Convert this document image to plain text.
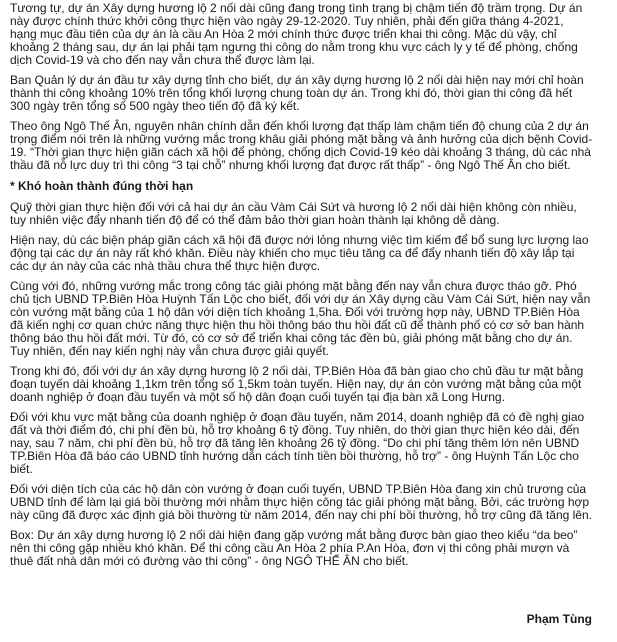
Tương tự, dự án Xây dựng hương lộ 2 nối dài cũng đang trong tình trạng bị chậm tiến độ trầm trọng. Dự án này được chính thức khởi công thực hiện vào ngày 29-12-2020. Tuy nhiên, phải đến giữa tháng 4-2021, hạng mục đầu tiên của dự án là cầu An Hòa 2 mới chính thức được triển khai thi công. Mặc dù vậy, chỉ khoảng 2 tháng sau, dự án lại phải tạm ngưng thi công do nằm trong khu vực cách ly y tế để phòng, chống dịch Covid-19 và cho đến nay vẫn chưa thể được làm lại.

Ban Quản lý dự án đầu tư xây dựng tỉnh cho biết, dự án xây dựng hương lộ 2 nối dài hiện nay mới chỉ hoàn thành thi công khoảng 10% trên tổng khối lượng chung toàn dự án. Trong khi đó, thời gian thi công đã hết 300 ngày trên tổng số 500 ngày theo tiến độ đã ký kết.

Theo ông Ngô Thế Ân, nguyên nhân chính dẫn đến khối lượng đạt thấp làm chậm tiến độ chung của 2 dự án trọng điểm nói trên là những vướng mắc trong khâu giải phóng mặt bằng và ảnh hưởng của dịch bệnh Covid-19. “Thời gian thực hiện giãn cách xã hội để phòng, chống dịch Covid-19 kéo dài khoảng 3 tháng, dù các nhà thầu đã nỗ lực duy trì thi công “3 tại chỗ” nhưng khối lượng đạt được rất thấp” - ông Ngô Thế Ân cho biết.

* Khó hoàn thành đúng thời hạn

Quỹ thời gian thực hiện đối với cả hai dự án cầu Vàm Cái Sứt và hương lộ 2 nối dài hiện không còn nhiều, tuy nhiên việc đẩy nhanh tiến độ để có thể đảm bảo thời gian hoàn thành lại không dễ dàng.

Hiện nay, dù các biện pháp giãn cách xã hội đã được nới lỏng nhưng việc tìm kiếm để bổ sung lực lượng lao động tại các dự án này rất khó khăn. Điều này khiến cho mục tiêu tăng ca để đẩy nhanh tiến độ xây lắp tại các dự án này của các nhà thầu chưa thể thực hiện được.

Cùng với đó, những vướng mắc trong công tác giải phóng mặt bằng đến nay vẫn chưa được tháo gỡ. Phó chủ tịch UBND TP.Biên Hòa Huỳnh Tấn Lộc cho biết, đối với dự án Xây dựng cầu Vàm Cái Sứt, hiện nay vẫn còn vướng mặt bằng của 1 hộ dân với diện tích khoảng 1,5ha. Đối với trường hợp này, UBND TP.Biên Hòa đã kiến nghị cơ quan chức năng thực hiện thu hồi thông báo thu hồi đất cũ để thành phố có cơ sở ban hành thông báo thu hồi đất mới. Từ đó, có cơ sở để triển khai công tác đền bù, giải phóng mặt bằng cho dự án. Tuy nhiên, đến nay kiến nghị này vẫn chưa được giải quyết.

Trong khi đó, đối với dự án xây dựng hương lộ 2 nối dài, TP.Biên Hòa đã bàn giao cho chủ đầu tư mặt bằng đoạn tuyến dài khoảng 1,1km trên tổng số 1,5km toàn tuyến. Hiện nay, dự án còn vướng mặt bằng của một doanh nghiệp ở đoạn đầu tuyến và một số hộ dân đoạn cuối tuyến tại địa bàn xã Long Hưng.

Đối với khu vực mặt bằng của doanh nghiệp ở đoạn đầu tuyến, năm 2014, doanh nghiệp đã có đề nghị giao đất và thời điểm đó, chi phí đền bù, hỗ trợ khoảng 6 tỷ đồng. Tuy nhiên, do thời gian thực hiện kéo dài, đến nay, sau 7 năm, chi phí đền bù, hỗ trợ đã tăng lên khoảng 26 tỷ đồng. “Do chi phí tăng thêm lớn nên UBND TP.Biên Hòa đã báo cáo UBND tỉnh hướng dẫn cách tính tiền bồi thường, hỗ trợ” - ông Huỳnh Tấn Lộc cho biết.

Đối với diện tích của các hộ dân còn vướng ở đoạn cuối tuyến, UBND TP.Biên Hòa đang xin chủ trương của UBND tỉnh để làm lại giá bồi thường mới nhằm thực hiện công tác giải phóng mặt bằng. Bởi, các trường hợp này cũng đã được xác định giá bồi thường từ năm 2014, đến nay chi phí bồi thường, hỗ trợ cũng đã tăng lên.

Box: Dự án xây dựng hương lộ 2 nối dài hiện đang gặp vướng mắt bằng được bàn giao theo kiểu “da beo” nên thi công gặp nhiều khó khăn. Để thi công cầu An Hòa 2 phía P.An Hòa, đơn vị thi công phải mượn và thuê đất nhà dân mới có đường vào thi công” - ông NGÔ THẾ ÂN cho biết.

Phạm Tùng
